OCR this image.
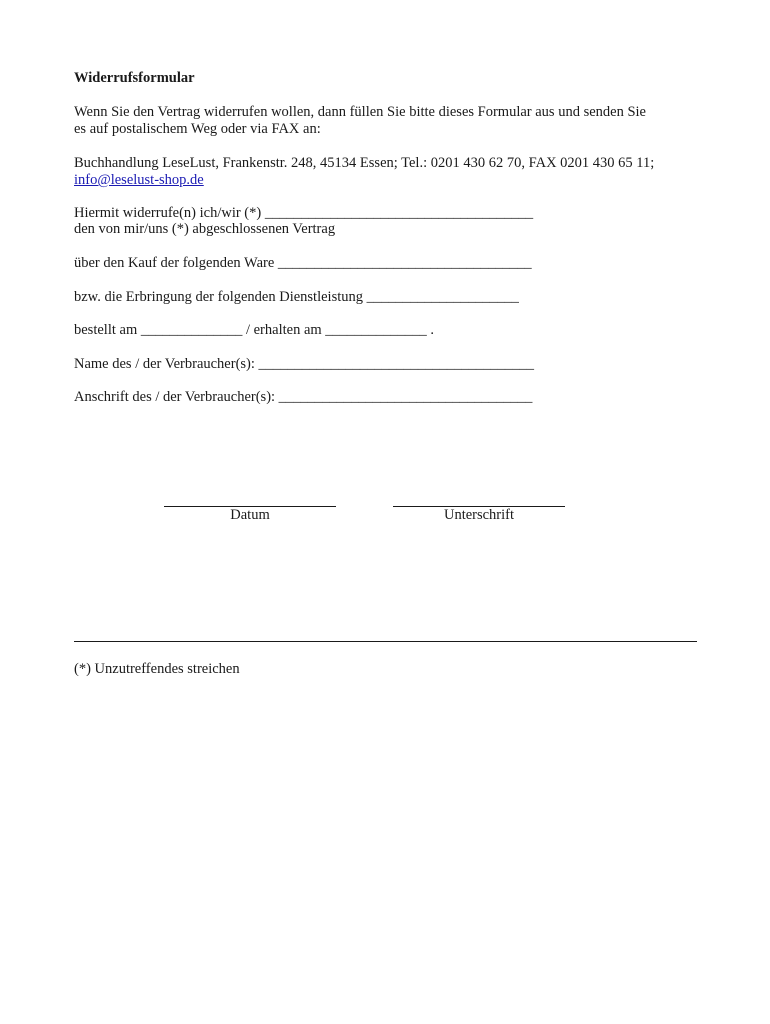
Widerrufsformular
Wenn Sie den Vertrag widerrufen wollen, dann füllen Sie bitte dieses Formular aus und senden Sie
es auf postalischem Weg oder via FAX an:
Buchhandlung LeseLust, Frankenstr. 248, 45134 Essen; Tel.: 0201 430 62 70, FAX 0201 430 65 11;
info@leselust-shop.de
Hiermit widerrufe(n) ich/wir (*) _____________________________________
den von mir/uns (*) abgeschlossenen Vertrag
über den Kauf der folgenden Ware ___________________________________
bzw. die Erbringung der folgenden Dienstleistung _____________________
bestellt am ______________ / erhalten am ______________ .
Name des / der Verbraucher(s): ______________________________________
Anschrift des / der Verbraucher(s): ___________________________________
Datum	Unterschrift
(*) Unzutreffendes streichen
